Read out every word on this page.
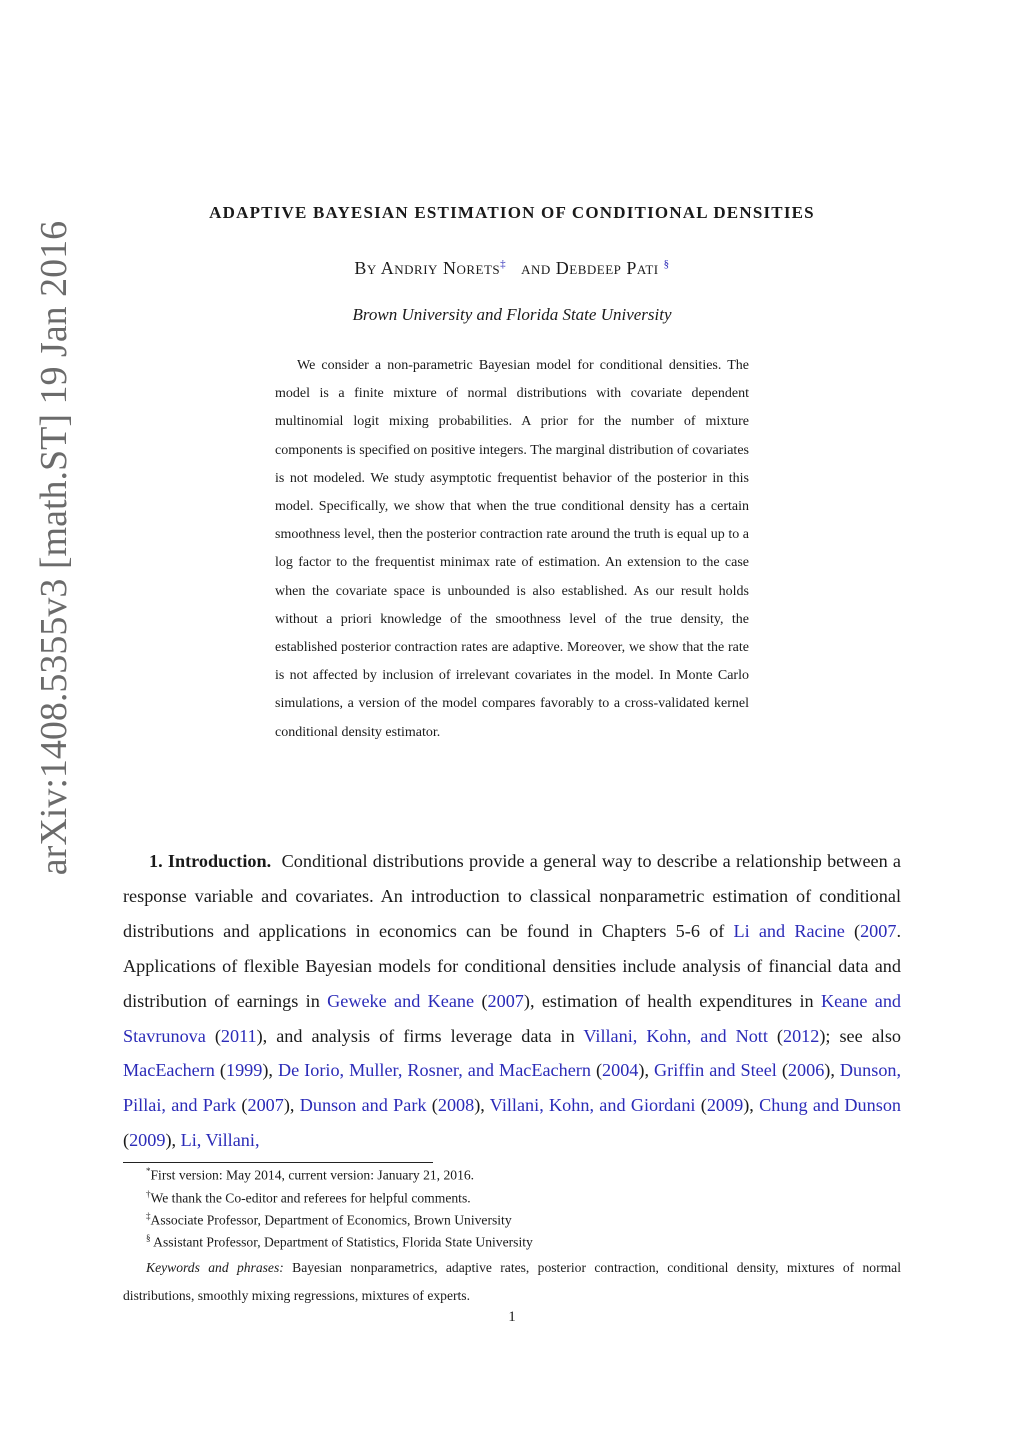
arXiv:1408.5355v3 [math.ST] 19 Jan 2016
ADAPTIVE BAYESIAN ESTIMATION OF CONDITIONAL DENSITIES
By Andriy Norets‡ and Debdeep Pati §
Brown University and Florida State University
We consider a non-parametric Bayesian model for conditional densities. The model is a finite mixture of normal distributions with covariate dependent multinomial logit mixing probabilities. A prior for the number of mixture components is specified on positive integers. The marginal distribution of covariates is not modeled. We study asymptotic frequentist behavior of the posterior in this model. Specifically, we show that when the true conditional density has a certain smoothness level, then the posterior contraction rate around the truth is equal up to a log factor to the frequentist minimax rate of estimation. An extension to the case when the covariate space is unbounded is also established. As our result holds without a priori knowledge of the smoothness level of the true density, the established posterior contraction rates are adaptive. Moreover, we show that the rate is not affected by inclusion of irrelevant covariates in the model. In Monte Carlo simulations, a version of the model compares favorably to a cross-validated kernel conditional density estimator.
1. Introduction. Conditional distributions provide a general way to describe a relationship between a response variable and covariates. An introduction to classical nonparametric estimation of conditional distributions and applications in economics can be found in Chapters 5-6 of Li and Racine (2007. Applications of flexible Bayesian models for conditional densities include analysis of financial data and distribution of earnings in Geweke and Keane (2007), estimation of health expenditures in Keane and Stavrunova (2011), and analysis of firms leverage data in Villani, Kohn, and Nott (2012); see also MacEachern (1999), De Iorio, Muller, Rosner, and MacEachern (2004), Griffin and Steel (2006), Dunson, Pillai, and Park (2007), Dunson and Park (2008), Villani, Kohn, and Giordani (2009), Chung and Dunson (2009), Li, Villani,
*First version: May 2014, current version: January 21, 2016.
†We thank the Co-editor and referees for helpful comments.
‡Associate Professor, Department of Economics, Brown University
§ Assistant Professor, Department of Statistics, Florida State University
Keywords and phrases: Bayesian nonparametrics, adaptive rates, posterior contraction, conditional density, mixtures of normal distributions, smoothly mixing regressions, mixtures of experts.
1
